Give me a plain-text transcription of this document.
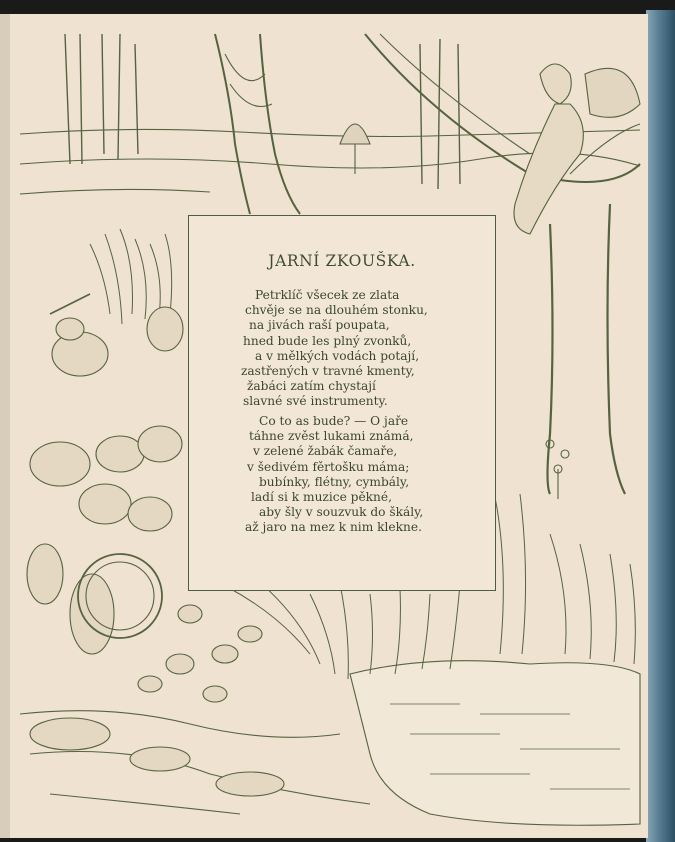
JARNÍ ZKOUŠKA.
Petrklíč všecek ze zlata
chvěje se na dlouhém stonku,
na jivách raší poupata,
hned bude les plný zvonků,
a v mělkých vodách potají,
zastřených v travné kmenty,
žabáci zatím chystají
slavné své instrumenty.
Co to as bude? — O jaře
táhne zvěst lukami známá,
v zelené žabák čamaře,
v šedivém fěrtošku máma;
bubínky, flétny, cymbály,
ladí si k muzice pěkné,
aby šly v souzvuk do škály,
až jaro na mez k nim klekne.
